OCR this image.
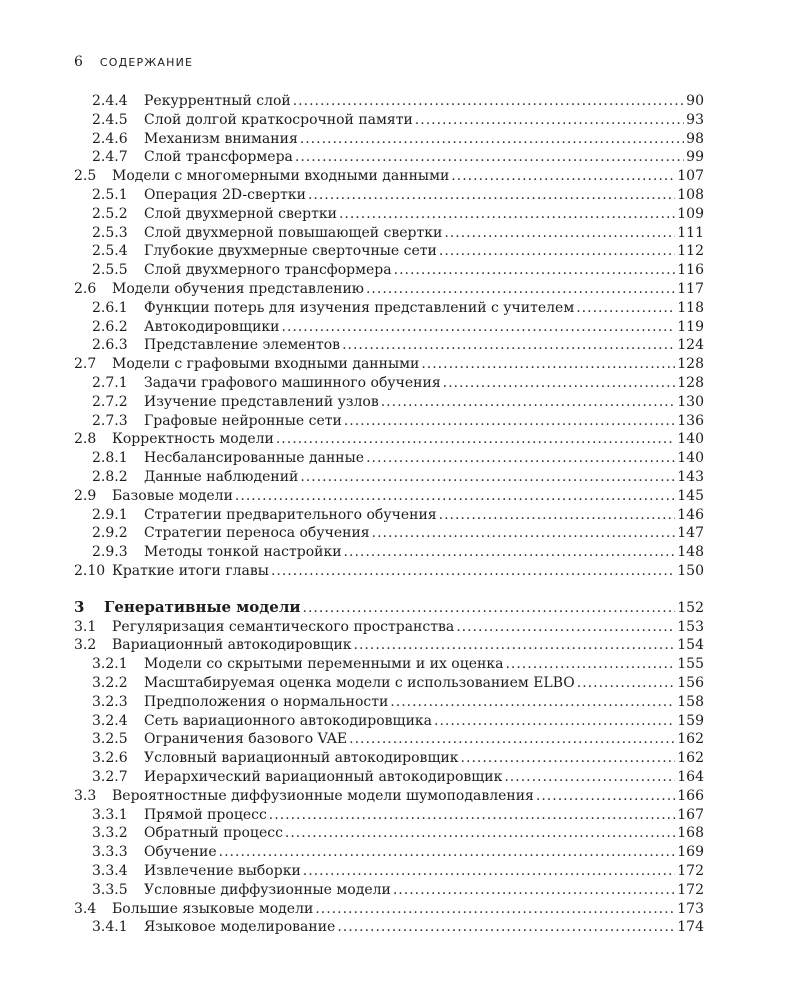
6 СОДЕРЖАНИЕ
2.4.4 Рекуррентный слой .....	90
2.4.5 Слой долгой краткосрочной памяти .....	93
2.4.6 Механизм внимания .....	98
2.4.7 Слой трансформера .....	99
2.5 Модели с многомерными входными данными .....	107
2.5.1 Операция 2D-свертки .....	108
2.5.2 Слой двухмерной свертки .....	109
2.5.3 Слой двухмерной повышающей свертки .....	111
2.5.4 Глубокие двухмерные сверточные сети .....	112
2.5.5 Слой двухмерного трансформера .....	116
2.6 Модели обучения представлению .....	117
2.6.1 Функции потерь для изучения представлений с учителем .....	118
2.6.2 Автокодировщики .....	119
2.6.3 Представление элементов .....	124
2.7 Модели с графовыми входными данными .....	128
2.7.1 Задачи графового машинного обучения .....	128
2.7.2 Изучение представлений узлов .....	130
2.7.3 Графовые нейронные сети .....	136
2.8 Корректность модели .....	140
2.8.1 Несбалансированные данные .....	140
2.8.2 Данные наблюдений .....	143
2.9 Базовые модели .....	145
2.9.1 Стратегии предварительного обучения .....	146
2.9.2 Стратегии переноса обучения .....	147
2.9.3 Методы тонкой настройки .....	148
2.10 Краткие итоги главы .....	150
3 Генеративные модели .....	152
3.1 Регуляризация семантического пространства .....	153
3.2 Вариационный автокодировщик .....	154
3.2.1 Модели со скрытыми переменными и их оценка .....	155
3.2.2 Масштабируемая оценка модели с использованием ELBO .....	156
3.2.3 Предположения о нормальности .....	158
3.2.4 Сеть вариационного автокодировщика .....	159
3.2.5 Ограничения базового VAE .....	162
3.2.6 Условный вариационный автокодировщик .....	162
3.2.7 Иерархический вариационный автокодировщик .....	164
3.3 Вероятностные диффузионные модели шумоподавления .....	166
3.3.1 Прямой процесс .....	167
3.3.2 Обратный процесс .....	168
3.3.3 Обучение .....	169
3.3.4 Извлечение выборки .....	172
3.3.5 Условные диффузионные модели .....	172
3.4 Большие языковые модели .....	173
3.4.1 Языковое моделирование .....	174
